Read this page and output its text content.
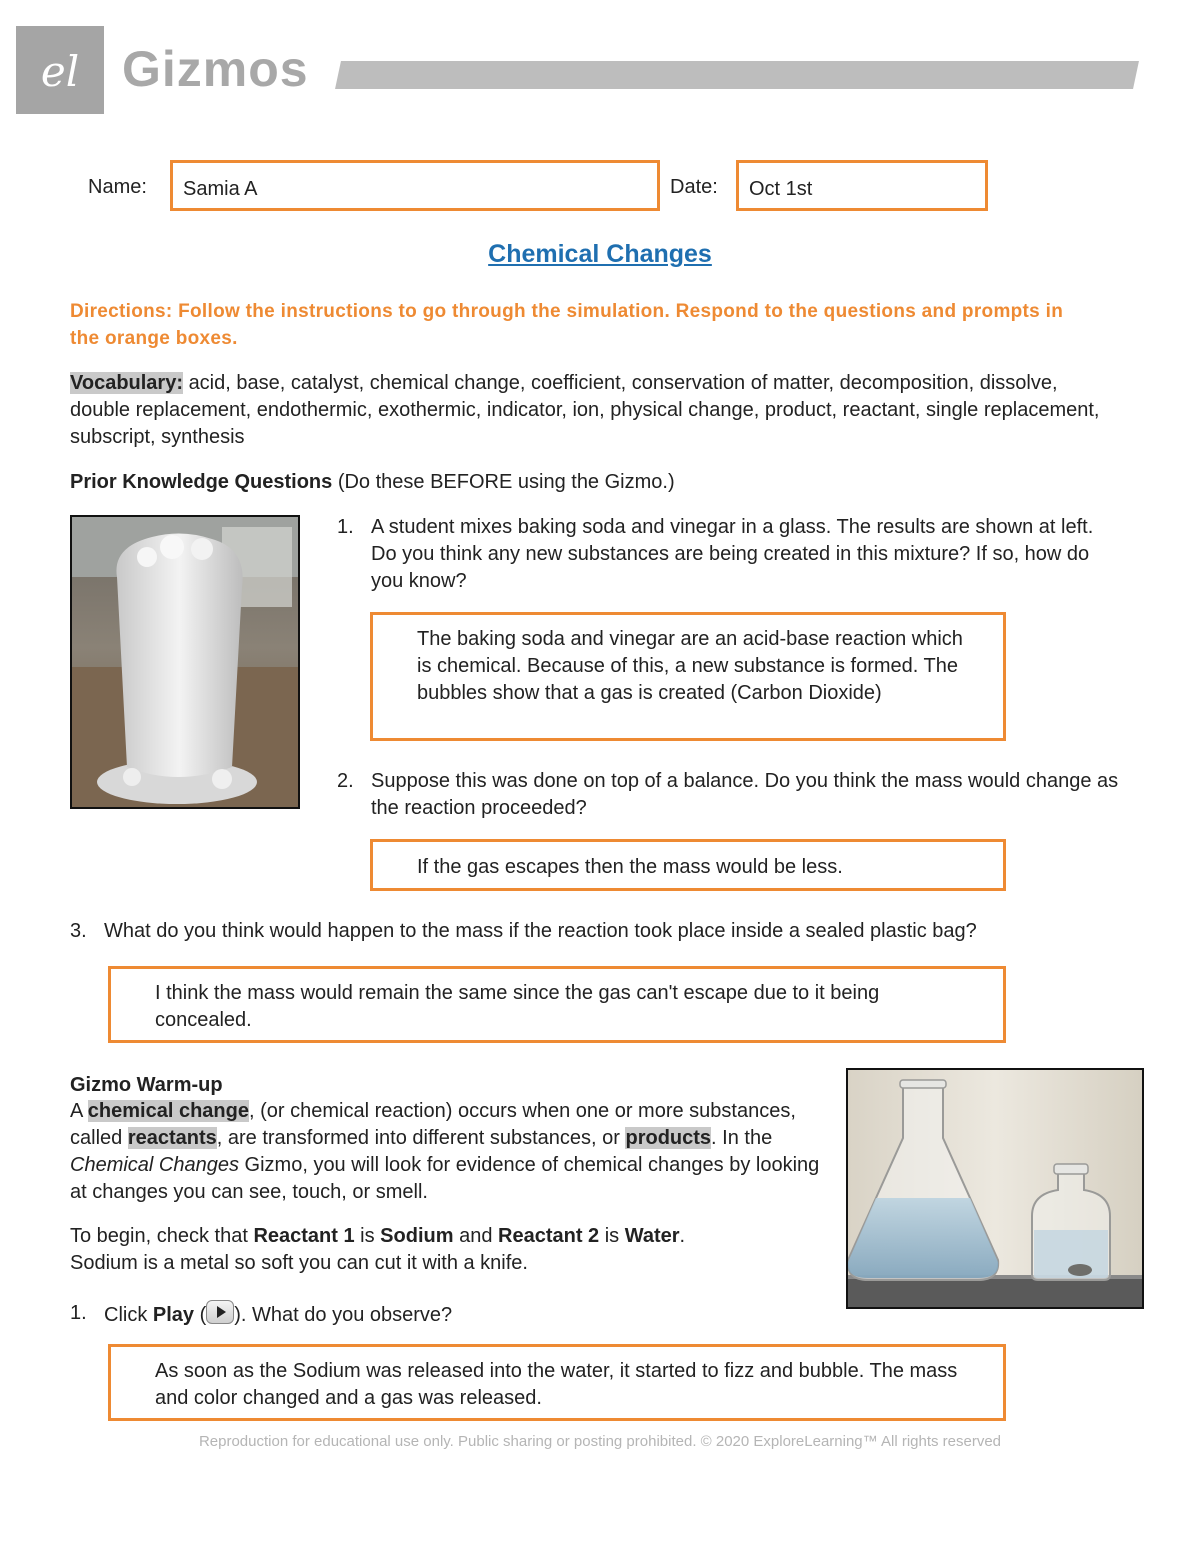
el Gizmos
Name:	Samia A	Date:	Oct 1st
Chemical Changes
Directions: Follow the instructions to go through the simulation. Respond to the questions and prompts in the orange boxes.
Vocabulary: acid, base, catalyst, chemical change, coefficient, conservation of matter, decomposition, dissolve, double replacement, endothermic, exothermic, indicator, ion, physical change, product, reactant, single replacement, subscript, synthesis
Prior Knowledge Questions (Do these BEFORE using the Gizmo.)
1. A student mixes baking soda and vinegar in a glass. The results are shown at left. Do you think any new substances are being created in this mixture? If so, how do you know?
The baking soda and vinegar are an acid-base reaction which is chemical. Because of this, a new substance is formed. The bubbles show that a gas is created (Carbon Dioxide)
2. Suppose this was done on top of a balance. Do you think the mass would change as the reaction proceeded?
If the gas escapes then the mass would be less.
3. What do you think would happen to the mass if the reaction took place inside a sealed plastic bag?
I think the mass would remain the same since the gas can't escape due to it being concealed.
Gizmo Warm-up
A chemical change, (or chemical reaction) occurs when one or more substances, called reactants, are transformed into different substances, or products. In the Chemical Changes Gizmo, you will look for evidence of chemical changes by looking at changes you can see, touch, or smell.
To begin, check that Reactant 1 is Sodium and Reactant 2 is Water.
Sodium is a metal so soft you can cut it with a knife.
1. Click Play ( ). What do you observe?
As soon as the Sodium was released into the water, it started to fizz and bubble. The mass and color changed and a gas was released.
Reproduction for educational use only. Public sharing or posting prohibited. © 2020 ExploreLearning™ All rights reserved
